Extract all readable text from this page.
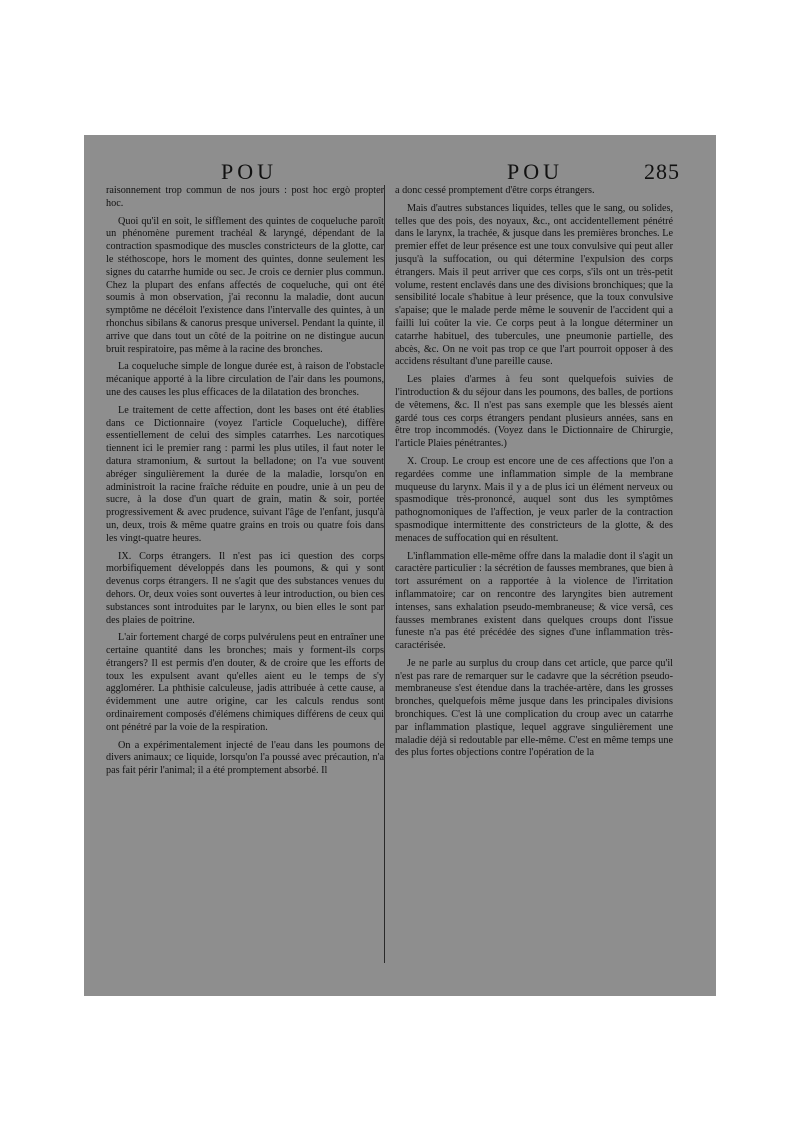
POU	POU	285

raisonnement trop commun de nos jours : post hoc ergò propter hoc.

Quoi qu'il en soit, le sifflement des quintes de coqueluche paroît un phénomène purement trachéal & laryngé, dépendant de la contraction spasmodique des muscles constricteurs de la glotte, car le stéthoscope, hors le moment des quintes, donne seulement les signes du catarrhe humide ou sec. Je crois ce dernier plus commun. Chez la plupart des enfans affectés de coqueluche, qui ont été soumis à mon observation, j'ai reconnu la maladie, dont aucun symptôme ne décéloit l'existence dans l'intervalle des quintes, à un rhonchus sibilans & canorus presque universel. Pendant la quinte, il arrive que dans tout un côté de la poitrine on ne distingue aucun bruit respiratoire, pas même à la racine des bronches.

La coqueluche simple de longue durée est, à raison de l'obstacle mécanique apporté à la libre circulation de l'air dans les poumons, une des causes les plus efficaces de la dilatation des bronches.

Le traitement de cette affection, dont les bases ont été établies dans ce Dictionnaire (voyez l'article Coqueluche), diffère essentiellement de celui des simples catarrhes. Les narcotiques tiennent ici le premier rang : parmi les plus utiles, il faut noter le datura stramonium, & surtout la belladone; on l'a vue souvent abréger singulièrement la durée de la maladie, lorsqu'on en administroit la racine fraîche réduite en poudre, unie à un peu de sucre, à la dose d'un quart de grain, matin & soir, portée progressivement & avec prudence, suivant l'âge de l'enfant, jusqu'à un, deux, trois & même quatre grains en trois ou quatre fois dans les vingt-quatre heures.

IX. Corps étrangers. Il n'est pas ici question des corps morbifiquement développés dans les poumons, & qui y sont devenus corps étrangers. Il ne s'agit que des substances venues du dehors. Or, deux voies sont ouvertes à leur introduction, ou bien ces substances sont introduites par le larynx, ou bien elles le sont par des plaies de poitrine.

L'air fortement chargé de corps pulvérulens peut en entraîner une certaine quantité dans les bronches; mais y forment-ils corps étrangers? Il est permis d'en douter, & de croire que les efforts de toux les expulsent avant qu'elles aient eu le temps de s'y agglomérer. La phthisie calculeuse, jadis attribuée à cette cause, a évidemment une autre origine, car les calculs rendus sont ordinairement composés d'élémens chimiques différens de ceux qui ont pénétré par la voie de la respiration.

On a expérimentalement injecté de l'eau dans les poumons de divers animaux; ce liquide, lorsqu'on l'a poussé avec précaution, n'a pas fait périr l'animal; il a été promptement absorbé. Il

a donc cessé promptement d'être corps étrangers.

Mais d'autres substances liquides, telles que le sang, ou solides, telles que des pois, des noyaux, &c., ont accidentellement pénétré dans le larynx, la trachée, & jusque dans les premières bronches. Le premier effet de leur présence est une toux convulsive qui peut aller jusqu'à la suffocation, ou qui détermine l'expulsion des corps étrangers. Mais il peut arriver que ces corps, s'ils ont un très-petit volume, restent enclavés dans une des divisions bronchiques; que la sensibilité locale s'habitue à leur présence, que la toux convulsive s'apaise; que le malade perde même le souvenir de l'accident qui a failli lui coûter la vie. Ce corps peut à la longue déterminer un catarrhe habituel, des tubercules, une pneumonie partielle, des abcès, &c. On ne voit pas trop ce que l'art pourroit opposer à des accidens résultant d'une pareille cause.

Les plaies d'armes à feu sont quelquefois suivies de l'introduction & du séjour dans les poumons, des balles, de portions de vêtemens, &c. Il n'est pas sans exemple que les blessés aient gardé tous ces corps étrangers pendant plusieurs années, sans en être trop incommodés. (Voyez dans le Dictionnaire de Chirurgie, l'article Plaies pénétrantes.)

X. Croup. Le croup est encore une de ces affections que l'on a regardées comme une inflammation simple de la membrane muqueuse du larynx. Mais il y a de plus ici un élément nerveux ou spasmodique très-prononcé, auquel sont dus les symptômes pathognomoniques de l'affection, je veux parler de la contraction spasmodique intermittente des constricteurs de la glotte, & des menaces de suffocation qui en résultent.

L'inflammation elle-même offre dans la maladie dont il s'agit un caractère particulier : la sécrétion de fausses membranes, que bien à tort assurément on a rapportée à la violence de l'irritation inflammatoire; car on rencontre des laryngites bien autrement intenses, sans exhalation pseudo-membraneuse; & vice versâ, ces fausses membranes existent dans quelques croups dont l'issue funeste n'a pas été précédée des signes d'une inflammation très-caractérisée.

Je ne parle au surplus du croup dans cet article, que parce qu'il n'est pas rare de remarquer sur le cadavre que la sécrétion pseudo-membraneuse s'est étendue dans la trachée-artère, dans les grosses bronches, quelquefois même jusque dans les principales divisions bronchiques. C'est là une complication du croup avec un catarrhe par inflammation plastique, lequel aggrave singulièrement une maladie déjà si redoutable par elle-même. C'est en même temps une des plus fortes objections contre l'opération de la
